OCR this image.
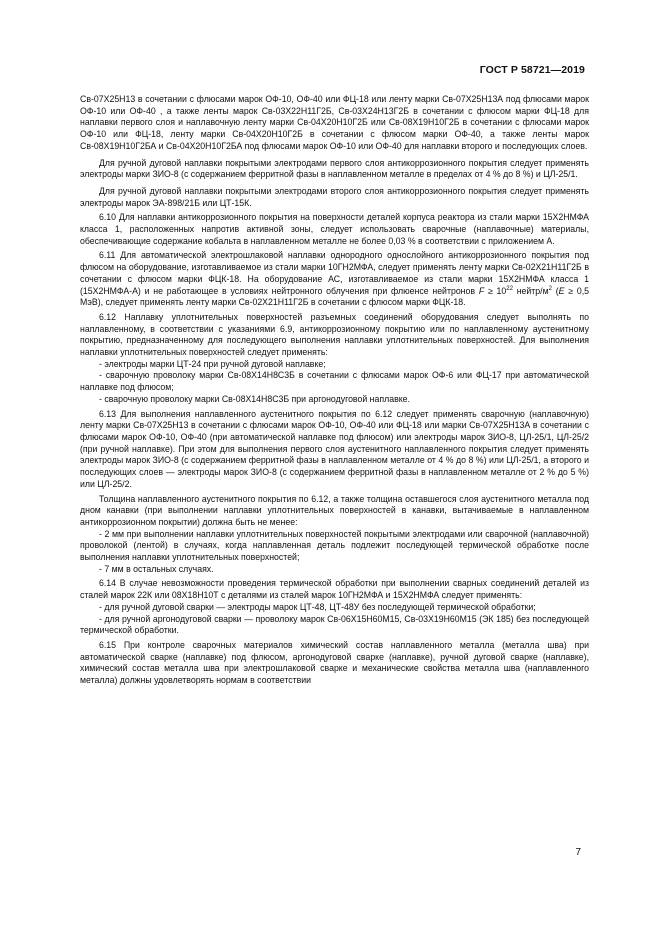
ГОСТ Р 58721—2019

Св-07Х25Н13 в сочетании с флюсами марок ОФ-10, ОФ-40 или ФЦ-18 или ленту марки Св-07Х25Н13А под флюсами марок ОФ-10 или ОФ-40 , а также ленты марок Св-03Х22Н11Г2Б, Св-03Х24Н13Г2Б в сочетании с флюсом марки ФЦ-18 для наплавки первого слоя и наплавочную ленту марки Св-04Х20Н10Г2Б или Св-08Х19Н10Г2Б в сочетании с флюсами марок ОФ-10 или ФЦ-18, ленту марки Св-04Х20Н10Г2Б в сочетании с флюсом марки ОФ-40, а также ленты марок Св-08Х19Н10Г2БА и Св-04Х20Н10Г2БА под флюсами марок ОФ-10 или ОФ-40 для наплавки второго и последующих слоев.

Для ручной дуговой наплавки покрытыми электродами первого слоя антикоррозионного покрытия следует применять электроды марки ЗИО-8 (с содержанием ферритной фазы в наплавленном металле в пределах от 4 % до 8 %) и ЦЛ-25/1.

Для ручной дуговой наплавки покрытыми электродами второго слоя антикоррозионного покрытия следует применять электроды марок ЭА-898/21Б или ЦТ-15К.

6.10 Для наплавки антикоррозионного покрытия на поверхности деталей корпуса реактора из стали марки 15Х2НМФА класса 1, расположенных напротив активной зоны, следует использовать сварочные (наплавочные) материалы, обеспечивающие содержание кобальта в наплавленном металле не более 0,03 % в соответствии с приложением А.

6.11 Для автоматической электрошлаковой наплавки однородного однослойного антикоррозионного покрытия под флюсом на оборудование, изготавливаемое из стали марки 10ГН2МФА, следует применять ленту марки Св-02Х21Н11Г2Б в сочетании с флюсом марки ФЦК-18. На оборудование АС, изготавливаемое из стали марки 15Х2НМФА класса 1 (15Х2НМФА-А) и не работающее в условиях нейтронного облучения при флюенсе нейтронов $F \ge 10^{22}$ нейтр/$м^2$ (E ≥ 0,5 МэВ), следует применять ленту марки Св-02Х21Н11Г2Б в сочетании с флюсом марки ФЦК-18.

6.12 Наплавку уплотнительных поверхностей разъемных соединений оборудования следует выполнять по наплавленному, в соответствии с указаниями 6.9, антикоррозионному покрытию или по наплавленному аустенитному покрытию, предназначенному для последующего выполнения наплавки уплотнительных поверхностей. Для выполнения наплавки уплотнительных поверхностей следует применять:

- электроды марки ЦТ-24 при ручной дуговой наплавке;

- сварочную проволоку марки Св-08Х14Н8С3Б в сочетании с флюсами марок ОФ-6 или ФЦ-17 при автоматической наплавке под флюсом;

- сварочную проволоку марки Св-08Х14Н8С3Б при аргонодуговой наплавке.

6.13 Для выполнения наплавленного аустенитного покрытия по 6.12 следует применять сварочную (наплавочную) ленту марки Св-07Х25Н13 в сочетании с флюсами марок ОФ-10, ОФ-40 или ФЦ-18 или марки Св-07Х25Н13А в сочетании с флюсами марок ОФ-10, ОФ-40 (при автоматической наплавке под флюсом) или электроды марок ЗИО-8, ЦЛ-25/1, ЦЛ-25/2 (при ручной наплавке). При этом для выполнения первого слоя аустенитного наплавленного покрытия следует применять электроды марок ЗИО-8 (с содержанием ферритной фазы в наплавленном металле от 4 % до 8 %) или ЦЛ-25/1, а второго и последующих слоев — электроды марок ЗИО-8 (с содержанием ферритной фазы в наплавленном металле от 2 % до 5 %) или ЦЛ-25/2.

Толщина наплавленного аустенитного покрытия по 6.12, а также толщина оставшегося слоя аустенитного металла под дном канавки (при выполнении наплавки уплотнительных поверхностей в канавки, вытачиваемые в наплавленном антикоррозионном покрытии) должна быть не менее:

- 2 мм при выполнении наплавки уплотнительных поверхностей покрытыми электродами или сварочной (наплавочной) проволокой (лентой) в случаях, когда наплавленная деталь подлежит последующей термической обработке после выполнения наплавки уплотнительных поверхностей;

- 7 мм в остальных случаях.

6.14 В случае невозможности проведения термической обработки при выполнении сварных соединений деталей из сталей марок 22К или 08Х18Н10Т с деталями из сталей марок 10ГН2МФА и 15Х2НМФА следует применять:

- для ручной дуговой сварки — электроды марок ЦТ-48, ЦТ-48У без последующей термической обработки;

- для ручной аргонодуговой сварки — проволоку марок Св-06Х15Н60М15, Св-03Х19Н60М15 (ЭК 185) без последующей термической обработки.

6.15 При контроле сварочных материалов химический состав наплавленного металла (металла шва) при автоматической сварке (наплавке) под флюсом, аргонодуговой сварке (наплавке), ручной дуговой сварке (наплавке), химический состав металла шва при электрошлаковой сварке и механические свойства металла шва (наплавленного металла) должны удовлетворять нормам в соответствии

7
